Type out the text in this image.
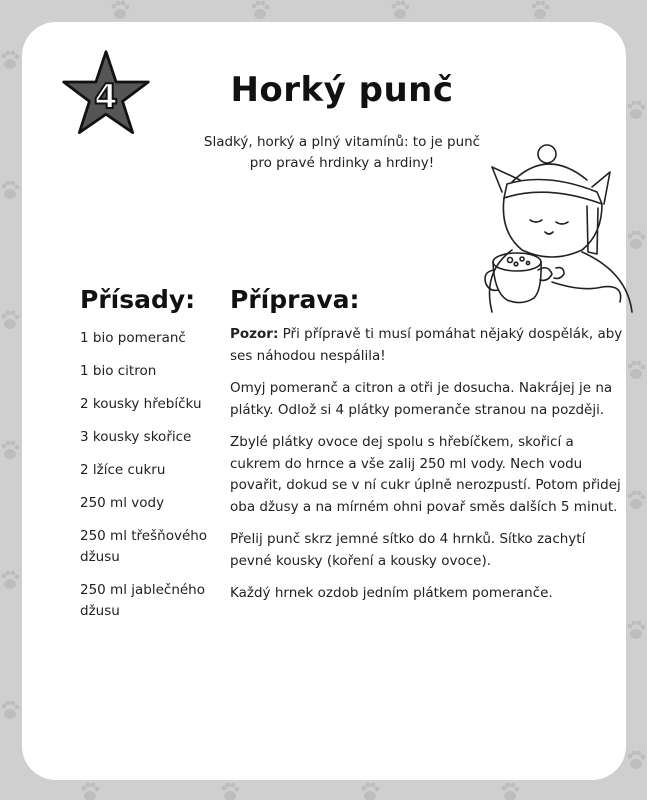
4	Horký punč
Sladký, horký a plný vitamínů: to je punč
pro pravé hrdinky a hrdiny!
Přísady:
1 bio pomeranč
1 bio citron
2 kousky hřebíčku
3 kousky skořice
2 lžíce cukru
250 ml vody
250 ml třešňového džusu
250 ml jablečného džusu
Příprava:

Pozor: Při přípravě ti musí pomáhat nějaký dospělák, aby ses náhodou nespálila!

Omyj pomeranč a citron a otři je dosucha. Nakrájej je na plátky. Odlož si 4 plátky pomeranče stranou na později.

Zbylé plátky ovoce dej spolu s hřebíčkem, skořicí a cukrem do hrnce a vše zalij 250 ml vody. Nech vodu povařit, dokud se v ní cukr úplně nerozpustí. Potom přidej oba džusy a na mírném ohni povař směs dalších 5 minut.

Přelij punč skrz jemné sítko do 4 hrnků. Sítko zachytí pevné kousky (koření a kousky ovoce).

Každý hrnek ozdob jedním plátkem pomeranče.
